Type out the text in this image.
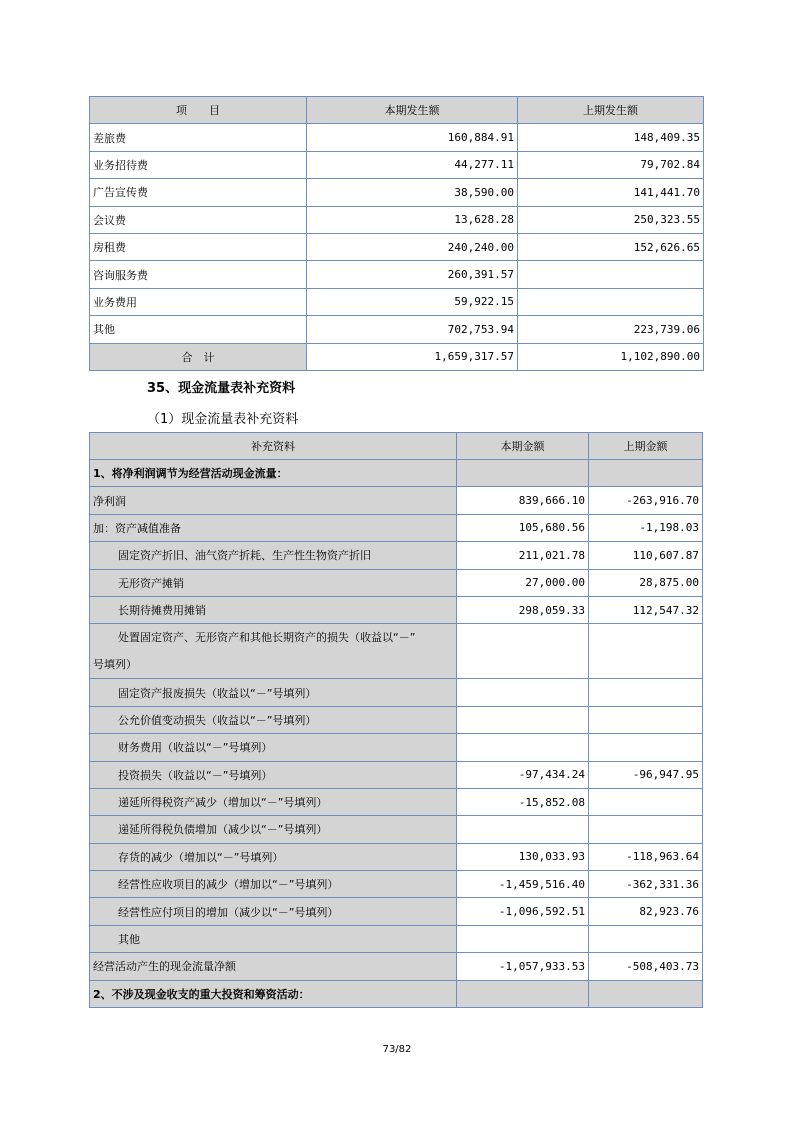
项　　目	本期发生额	上期发生额
差旅费	160,884.91	148,409.35
业务招待费	44,277.11	79,702.84
广告宣传费	38,590.00	141,441.70
会议费	13,628.28	250,323.55
房租费	240,240.00	152,626.65
咨询服务费	260,391.57	
业务费用	59,922.15	
其他	702,753.94	223,739.06
合　计	1,659,317.57	1,102,890.00
35、现金流量表补充资料
（1）现金流量表补充资料
补充资料	本期金额	上期金额
1、将净利润调节为经营活动现金流量：		
净利润	839,666.10	-263,916.70
加：资产减值准备	105,680.56	-1,198.03
固定资产折旧、油气资产折耗、生产性生物资产折旧	211,021.78	110,607.87
无形资产摊销	27,000.00	28,875.00
长期待摊费用摊销	298,059.33	112,547.32

处置固定资产、无形资产和其他长期资产的损失（收益以“－”
号填列）		

固定资产报废损失（收益以“－”号填列）		
公允价值变动损失（收益以“－”号填列）		
财务费用（收益以“－”号填列）		
投资损失（收益以“－”号填列）	-97,434.24	-96,947.95
递延所得税资产减少（增加以“－”号填列）	-15,852.08	
递延所得税负债增加（减少以“－”号填列）		
存货的减少（增加以“－”号填列）	130,033.93	-118,963.64
经营性应收项目的减少（增加以“－”号填列）	-1,459,516.40	-362,331.36
经营性应付项目的增加（减少以“－”号填列）	-1,096,592.51	82,923.76
其他		
经营活动产生的现金流量净额	-1,057,933.53	-508,403.73
2、不涉及现金收支的重大投资和筹资活动：		
73/82
